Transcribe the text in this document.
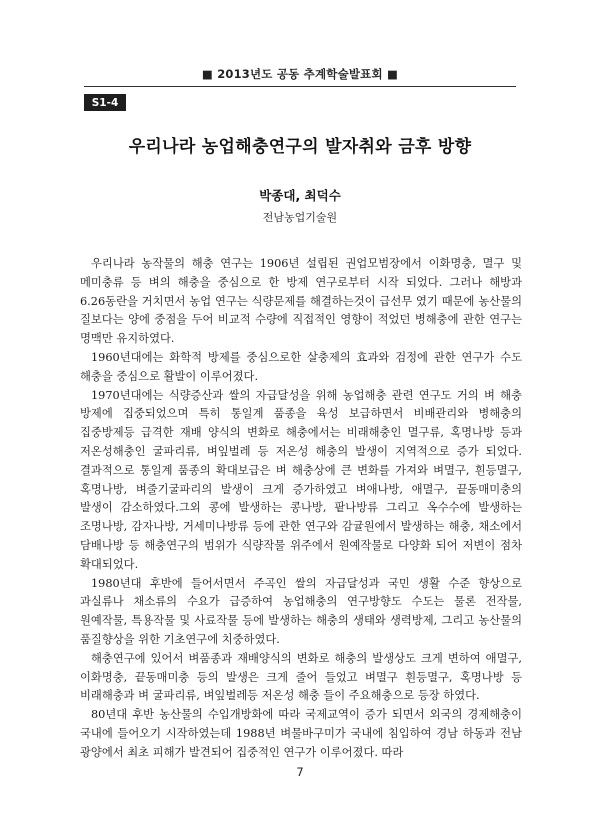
■ 2013년도 공동 추계학술발표회 ■
S1-4
우리나라 농업해충연구의 발자취와 금후 방향
박종대, 최덕수
전남농업기술원

우리나라 농작물의 해충 연구는 1906년 설립된 권업모범장에서 이화명충, 멸구 및 메미충류 등 벼의 해충을 중심으로 한 방제 연구로부터 시작 되었다. 그러나 해방과 6.26동란을 거치면서 농업 연구는 식량문제를 해결하는것이 급선무 였기 때문에 농산물의 질보다는 양에 중점을 두어 비교적 수량에 직접적인 영향이 적었던 병해충에 관한 연구는 명맥만 유지하였다.

1960년대에는 화학적 방제를 중심으로한 살충제의 효과와 검정에 관한 연구가 수도 해충을 중심으로 활발이 이루어졌다.

1970년대에는 식량증산과 쌀의 자급달성을 위해 농업해충 관련 연구도 거의 벼 해충 방제에 집중되었으며 특히 통일계 품종을 육성 보급하면서 비배관리와 병해충의 집중방제등 급격한 재배 양식의 변화로 해충에서는 비래해충인 멸구류, 혹명나방 등과 저온성해충인 굴파리류, 벼잎벌레 등 저온성 해충의 발생이 지역적으로 증가 되었다. 결과적으로 통일계 품종의 확대보급은 벼 해충상에 큰 변화를 가져와 벼멸구, 흰등멸구, 혹명나방, 벼줄기굴파리의 발생이 크게 증가하였고 벼애나방, 애멸구, 끝동매미충의 발생이 감소하였다.그외 콩에 발생하는 콩나방, 팥나방류 그리고 옥수수에 발생하는 조명나방, 감자나방, 거세미나방류 등에 관한 연구와 감귤원에서 발생하는 해충, 채소에서 담배나방 등 해충연구의 범위가 식량작물 위주에서 원예작물로 다양화 되어 저변이 점차 확대되었다.

1980년대 후반에 들어서면서 주곡인 쌀의 자급달성과 국민 생활 수준 향상으로 과실류나 채소류의 수요가 급증하여 농업해충의 연구방향도 수도는 물론 전작물, 원예작물, 특용작물 및 사료작물 등에 발생하는 해충의 생태와 생력방제, 그리고 농산물의 품질향상을 위한 기초연구에 치중하였다.

해충연구에 있어서 벼품종과 재배양식의 변화로 해충의 발생상도 크게 변하여 애멸구, 이화명충, 끝동매미충 등의 발생은 크게 줄어 들었고 벼멸구 흰등멸구, 혹명나방 등 비래해충과 벼 굴파리류, 벼잎벌레등 저온성 해충 들이 주요해충으로 등장 하였다.

80년대 후반 농산물의 수입개방화에 따라 국제교역이 증가 되면서 외국의 경제해충이 국내에 들어오기 시작하였는데 1988년 벼물바구미가 국내에 침입하여 경남 하동과 전남 광양에서 최초 피해가 발견되어 집중적인 연구가 이루어졌다. 따라

7
